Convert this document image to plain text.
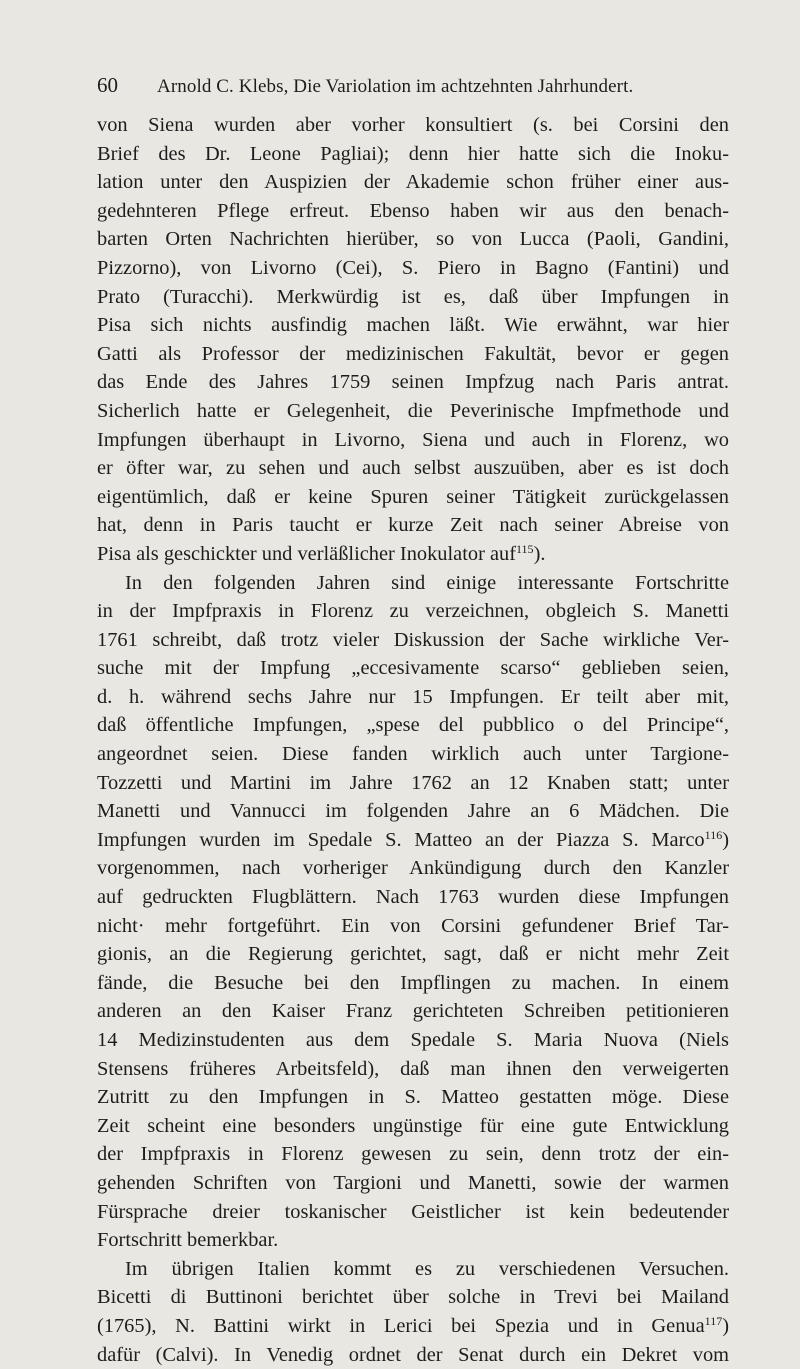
60	Arnold C. Klebs, Die Variolation im achtzehnten Jahrhundert.
von Siena wurden aber vorher konsultiert (s. bei Corsini den
Brief des Dr. Leone Pagliai); denn hier hatte sich die Inoku-
lation unter den Auspizien der Akademie schon früher einer aus-
gedehnteren Pflege erfreut. Ebenso haben wir aus den benach-
barten Orten Nachrichten hierüber, so von Lucca (Paoli, Gandini,
Pizzorno), von Livorno (Cei), S. Piero in Bagno (Fantini) und
Prato (Turacchi). Merkwürdig ist es, daß über Impfungen in
Pisa sich nichts ausfindig machen läßt. Wie erwähnt, war hier
Gatti als Professor der medizinischen Fakultät, bevor er gegen
das Ende des Jahres 1759 seinen Impfzug nach Paris antrat.
Sicherlich hatte er Gelegenheit, die Peverinische Impfmethode und
Impfungen überhaupt in Livorno, Siena und auch in Florenz, wo
er öfter war, zu sehen und auch selbst auszuüben, aber es ist doch
eigentümlich, daß er keine Spuren seiner Tätigkeit zurückgelassen
hat, denn in Paris taucht er kurze Zeit nach seiner Abreise von
Pisa als geschickter und verläßlicher Inokulator auf$^{115}$).
In den folgenden Jahren sind einige interessante Fortschritte
in der Impfpraxis in Florenz zu verzeichnen, obgleich S. Manetti
1761 schreibt, daß trotz vieler Diskussion der Sache wirkliche Ver-
suche mit der Impfung „eccesivamente scarso“ geblieben seien,
d. h. während sechs Jahre nur 15 Impfungen. Er teilt aber mit,
daß öffentliche Impfungen, „spese del pubblico o del Principe“,
angeordnet seien. Diese fanden wirklich auch unter Targione-
Tozzetti und Martini im Jahre 1762 an 12 Knaben statt; unter
Manetti und Vannucci im folgenden Jahre an 6 Mädchen. Die
Impfungen wurden im Spedale S. Matteo an der Piazza S. Marco$^{116}$)
vorgenommen, nach vorheriger Ankündigung durch den Kanzler
auf gedruckten Flugblättern. Nach 1763 wurden diese Impfungen
nicht· mehr fortgeführt. Ein von Corsini gefundener Brief Tar-
gionis, an die Regierung gerichtet, sagt, daß er nicht mehr Zeit
fände, die Besuche bei den Impflingen zu machen. In einem
anderen an den Kaiser Franz gerichteten Schreiben petitionieren
14 Medizinstudenten aus dem Spedale S. Maria Nuova (Niels
Stensens früheres Arbeitsfeld), daß man ihnen den verweigerten
Zutritt zu den Impfungen in S. Matteo gestatten möge. Diese
Zeit scheint eine besonders ungünstige für eine gute Entwicklung
der Impfpraxis in Florenz gewesen zu sein, denn trotz der ein-
gehenden Schriften von Targioni und Manetti, sowie der warmen
Fürsprache dreier toskanischer Geistlicher ist kein bedeutender
Fortschritt bemerkbar.
Im übrigen Italien kommt es zu verschiedenen Versuchen.
Bicetti di Buttinoni berichtet über solche in Trevi bei Mailand
(1765), N. Battini wirkt in Lerici bei Spezia und in Genua$^{117}$)
dafür (Calvi). In Venedig ordnet der Senat durch ein Dekret vom
